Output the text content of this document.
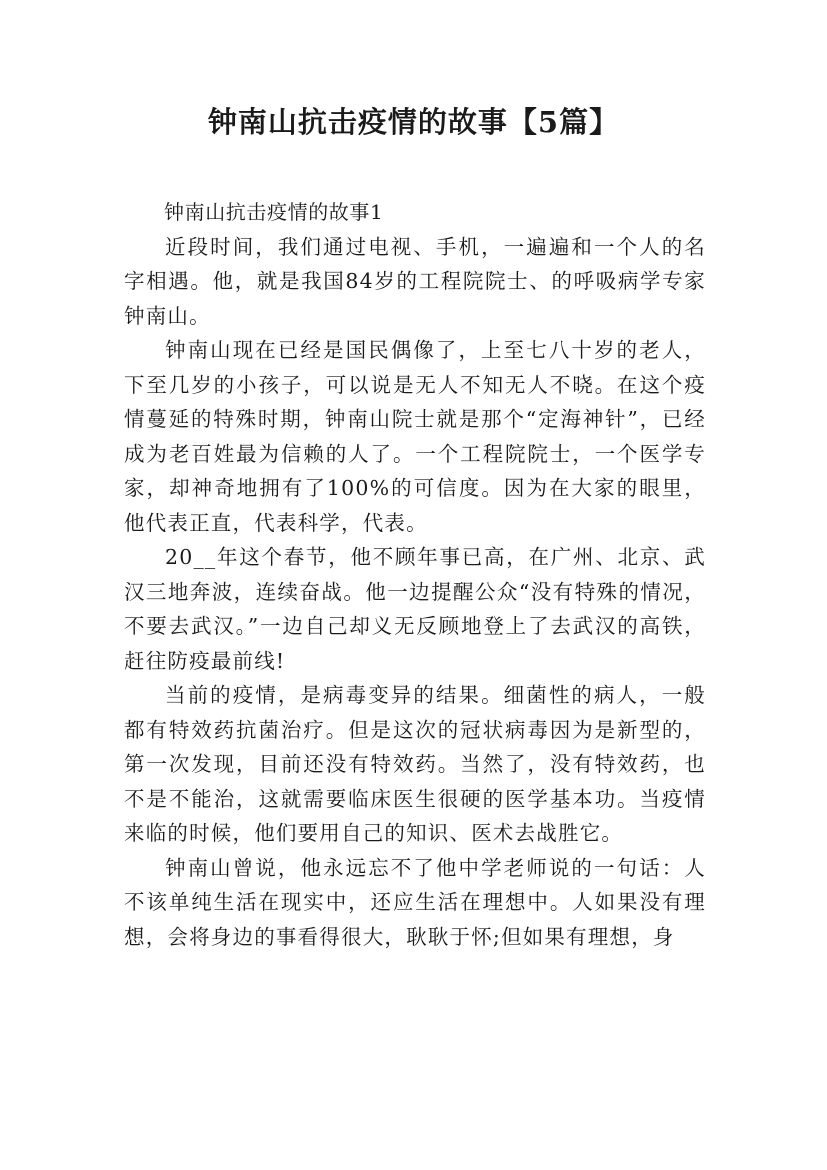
钟南山抗击疫情的故事【5篇】

钟南山抗击疫情的故事1

近段时间，我们通过电视、手机，一遍遍和一个人的名字相遇。他，就是我国84岁的工程院院士、的呼吸病学专家钟南山。

钟南山现在已经是国民偶像了，上至七八十岁的老人，下至几岁的小孩子，可以说是无人不知无人不晓。在这个疫情蔓延的特殊时期，钟南山院士就是那个“定海神针”，已经成为老百姓最为信赖的人了。一个工程院院士，一个医学专家，却神奇地拥有了100%的可信度。因为在大家的眼里，他代表正直，代表科学，代表。

20__年这个春节，他不顾年事已高，在广州、北京、武汉三地奔波，连续奋战。他一边提醒公众“没有特殊的情况，不要去武汉。”一边自己却义无反顾地登上了去武汉的高铁，赶往防疫最前线!

当前的疫情，是病毒变异的结果。细菌性的病人，一般都有特效药抗菌治疗。但是这次的冠状病毒因为是新型的，第一次发现，目前还没有特效药。当然了，没有特效药，也不是不能治，这就需要临床医生很硬的医学基本功。当疫情来临的时候，他们要用自己的知识、医术去战胜它。

钟南山曾说，他永远忘不了他中学老师说的一句话：人不该单纯生活在现实中，还应生活在理想中。人如果没有理想，会将身边的事看得很大，耿耿于怀;但如果有理想，身
